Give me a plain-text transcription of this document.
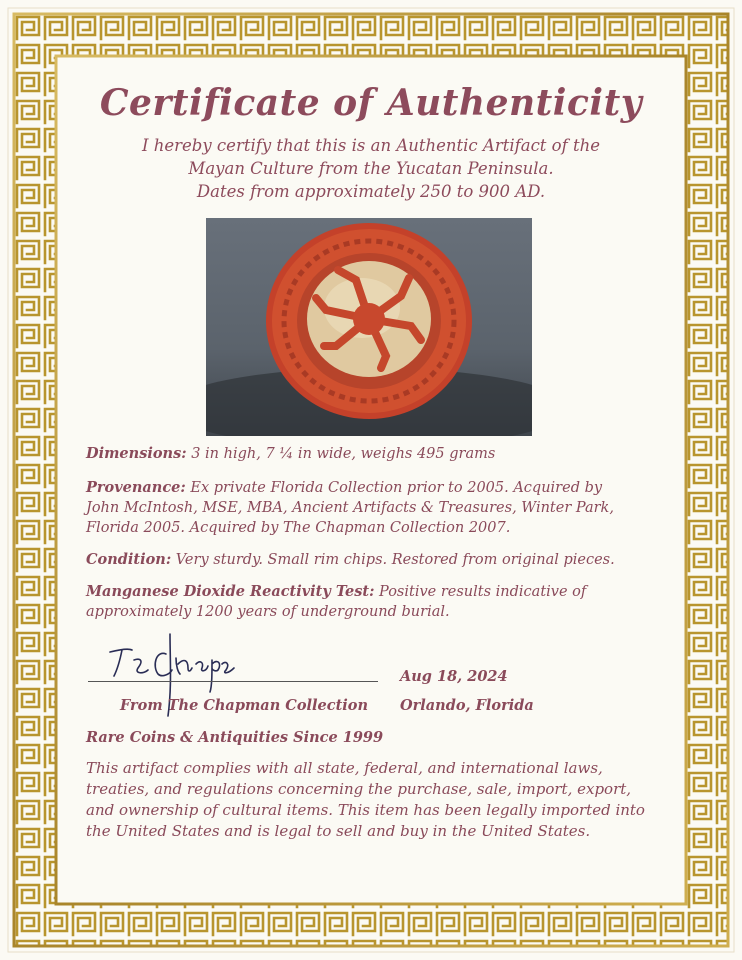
Certificate of Authenticity
I hereby certify that this is an Authentic Artifact of the
Mayan Culture from the Yucatan Peninsula.
Dates from approximately 250 to 900 AD.
Dimensions: 3 in high, 7 ¼ in wide, weighs 495 grams
Provenance: Ex private Florida Collection prior to 2005. Acquired by
John McIntosh, MSE, MBA, Ancient Artifacts & Treasures, Winter Park,
Florida 2005. Acquired by The Chapman Collection 2007.
Condition: Very sturdy. Small rim chips. Restored from original pieces.
Manganese Dioxide Reactivity Test: Positive results indicative of
approximately 1200 years of underground burial.
Aug 18, 2024
From The Chapman Collection Orlando, Florida
Rare Coins & Antiquities Since 1999
This artifact complies with all state, federal, and international laws,
treaties, and regulations concerning the purchase, sale, import, export,
and ownership of cultural items. This item has been legally imported into
the United States and is legal to sell and buy in the United States.
